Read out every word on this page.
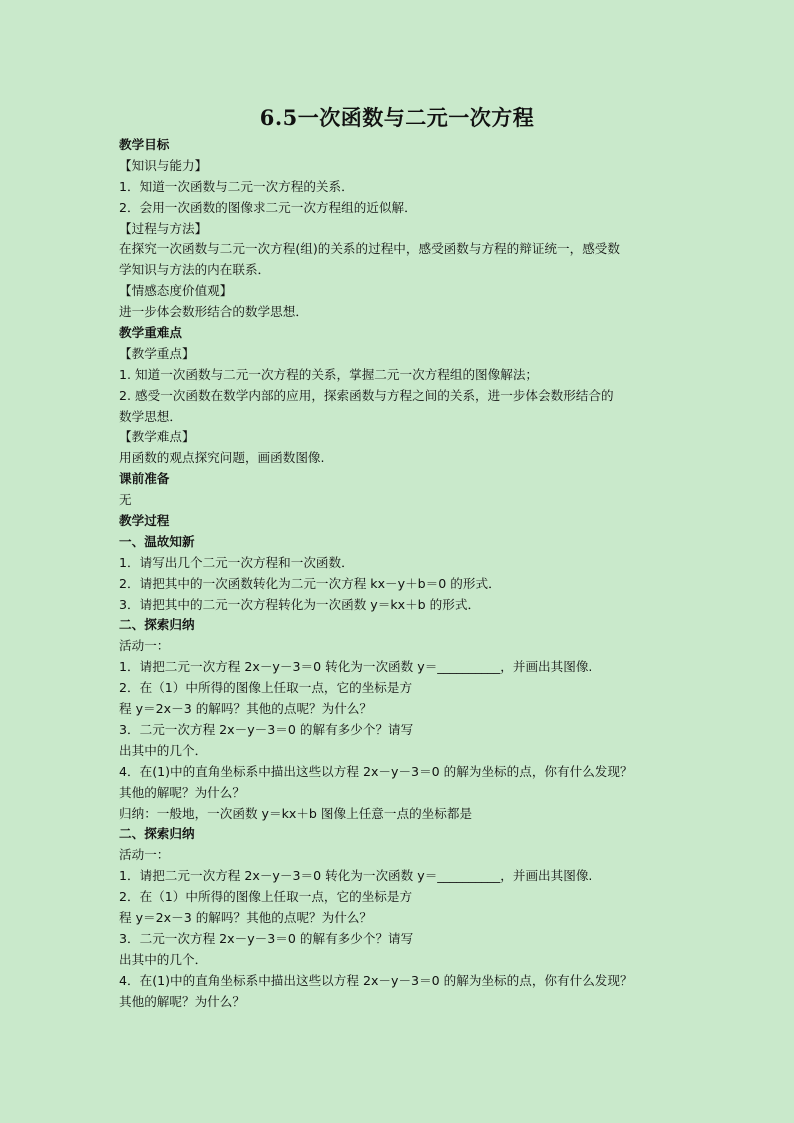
6.5一次函数与二元一次方程
教学目标
【知识与能力】
1．知道一次函数与二元一次方程的关系．
2．会用一次函数的图像求二元一次方程组的近似解．
【过程与方法】
在探究一次函数与二元一次方程(组)的关系的过程中，感受函数与方程的辩证统一，感受数
学知识与方法的内在联系．
【情感态度价值观】
进一步体会数形结合的数学思想．
教学重难点
【教学重点】
1. 知道一次函数与二元一次方程的关系，掌握二元一次方程组的图像解法；
2. 感受一次函数在数学内部的应用，探索函数与方程之间的关系，进一步体会数形结合的
数学思想．
【教学难点】
用函数的观点探究问题，画函数图像.
课前准备
无
教学过程
一、温故知新
1．请写出几个二元一次方程和一次函数．
2．请把其中的一次函数转化为二元一次方程 kx－y＋b＝0 的形式．
3．请把其中的二元一次方程转化为一次函数 y＝kx＋b 的形式．
二、探索归纳
活动一：
1．请把二元一次方程 2x－y－3＝0 转化为一次函数 y＝__________，并画出其图像.
2．在（1）中所得的图像上任取一点，它的坐标是方
程 y＝2x－3 的解吗？其他的点呢？为什么？
3．二元一次方程 2x－y－3＝0 的解有多少个？请写
出其中的几个．
4．在(1)中的直角坐标系中描出这些以方程 2x－y－3＝0 的解为坐标的点，你有什么发现？
其他的解呢？为什么？
归纳：一般地，一次函数 y＝kx＋b 图像上任意一点的坐标都是
二、探索归纳
活动一：
1．请把二元一次方程 2x－y－3＝0 转化为一次函数 y＝__________，并画出其图像.
2．在（1）中所得的图像上任取一点，它的坐标是方
程 y＝2x－3 的解吗？其他的点呢？为什么？
3．二元一次方程 2x－y－3＝0 的解有多少个？请写
出其中的几个．
4．在(1)中的直角坐标系中描出这些以方程 2x－y－3＝0 的解为坐标的点，你有什么发现？
其他的解呢？为什么？
